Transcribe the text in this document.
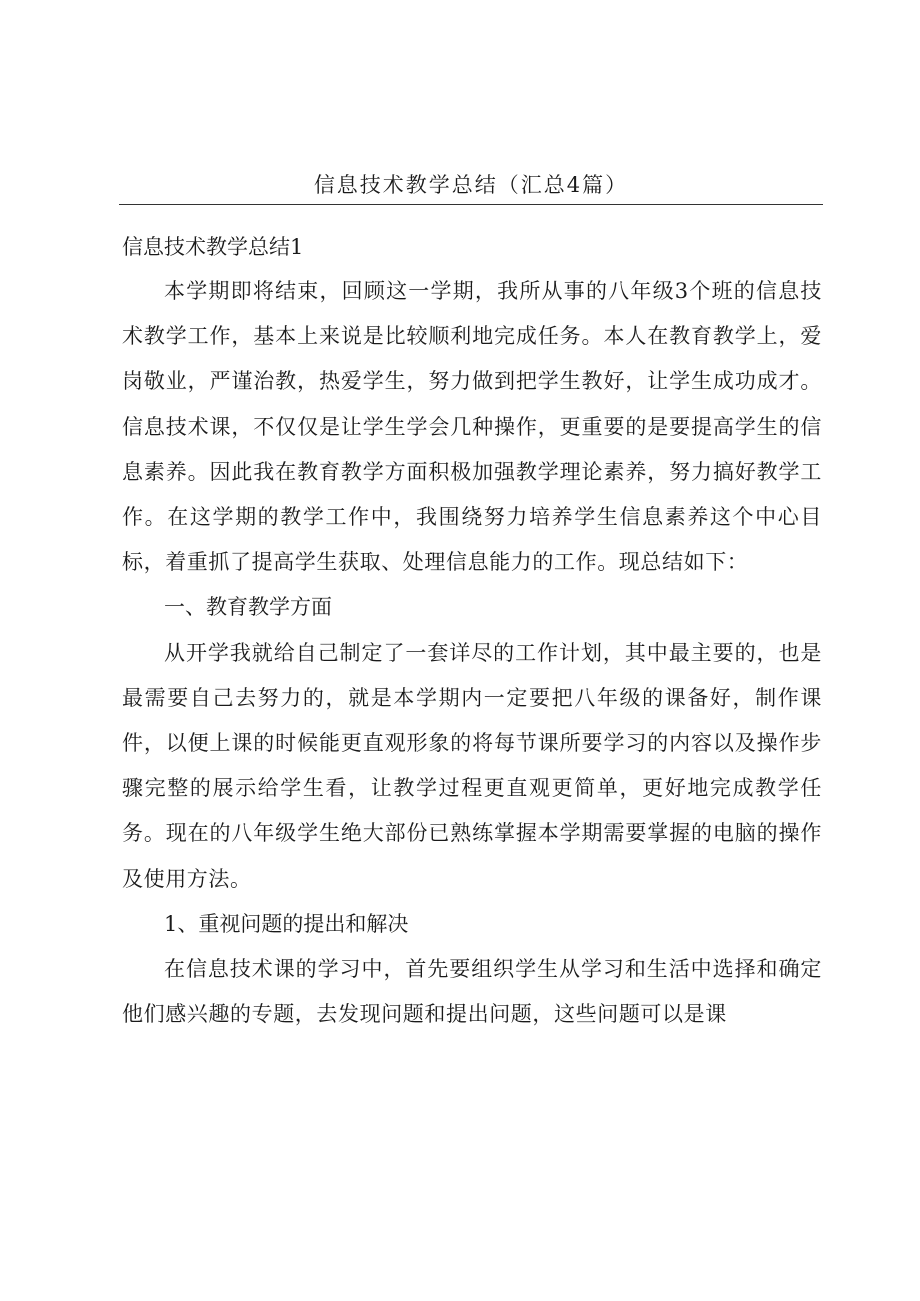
信息技术教学总结（汇总4篇）
信息技术教学总结1

本学期即将结束，回顾这一学期，我所从事的八年级3个班的信息技术教学工作，基本上来说是比较顺利地完成任务。本人在教育教学上，爱岗敬业，严谨治教，热爱学生，努力做到把学生教好，让学生成功成才。信息技术课，不仅仅是让学生学会几种操作，更重要的是要提高学生的信息素养。因此我在教育教学方面积极加强教学理论素养，努力搞好教学工作。在这学期的教学工作中，我围绕努力培养学生信息素养这个中心目标，着重抓了提高学生获取、处理信息能力的工作。现总结如下：

一、教育教学方面

从开学我就给自己制定了一套详尽的工作计划，其中最主要的，也是最需要自己去努力的，就是本学期内一定要把八年级的课备好，制作课件，以便上课的时候能更直观形象的将每节课所要学习的内容以及操作步骤完整的展示给学生看，让教学过程更直观更简单，更好地完成教学任务。现在的八年级学生绝大部份已熟练掌握本学期需要掌握的电脑的操作及使用方法。

1、重视问题的提出和解决

在信息技术课的学习中，首先要组织学生从学习和生活中选择和确定他们感兴趣的专题，去发现问题和提出问题，这些问题可以是课
